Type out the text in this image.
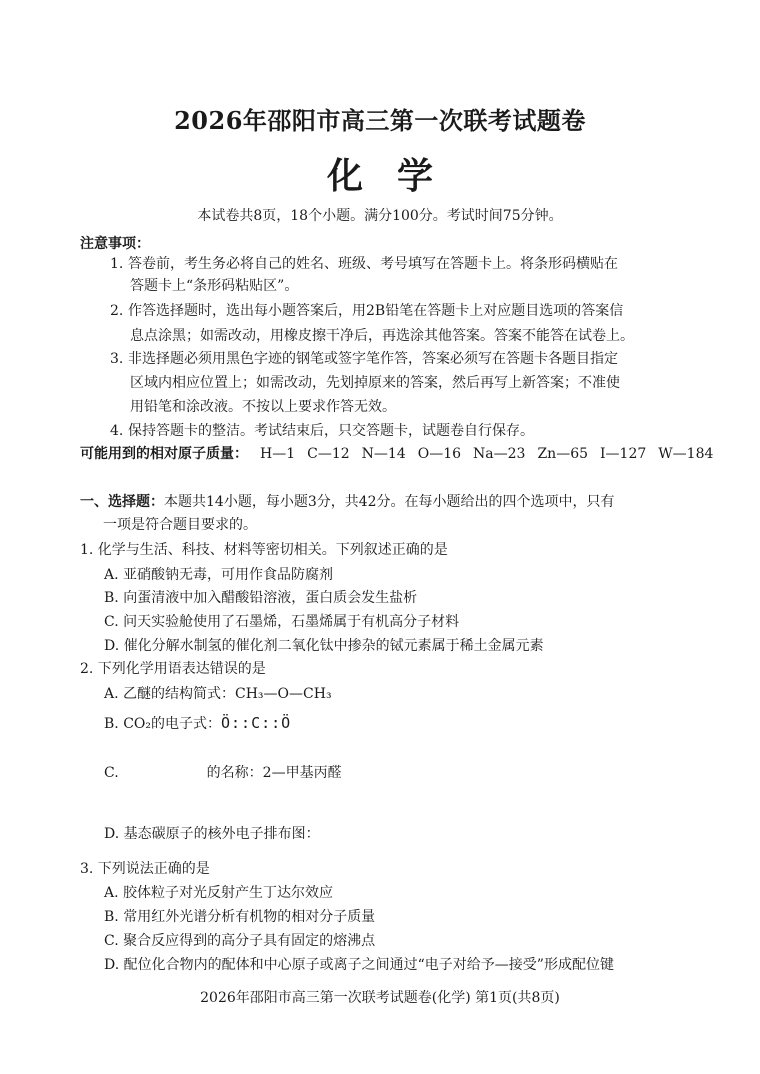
2026年邵阳市高三第一次联考试题卷
化学
本试卷共8页，18个小题。满分100分。考试时间75分钟。
注意事项：
1. 答卷前，考生务必将自己的姓名、班级、考号填写在答题卡上。将条形码横贴在
答题卡上“条形码粘贴区”。
2. 作答选择题时，选出每小题答案后，用2B铅笔在答题卡上对应题目选项的答案信
息点涂黑；如需改动，用橡皮擦干净后，再选涂其他答案。答案不能答在试卷上。
3. 非选择题必须用黑色字迹的钢笔或签字笔作答，答案必须写在答题卡各题目指定
区域内相应位置上；如需改动，先划掉原来的答案，然后再写上新答案；不准使
用铅笔和涂改液。不按以上要求作答无效。
4. 保持答题卡的整洁。考试结束后，只交答题卡，试题卷自行保存。
可能用到的相对原子质量： H—1 C—12 N—14 O—16 Na—23 Zn—65 I—127 W—184
一、选择题：本题共14小题，每小题3分，共42分。在每小题给出的四个选项中，只有
一项是符合题目要求的。
1. 化学与生活、科技、材料等密切相关。下列叙述正确的是
A. 亚硝酸钠无毒，可用作食品防腐剂
B. 向蛋清液中加入醋酸铅溶液，蛋白质会发生盐析
C. 问天实验舱使用了石墨烯，石墨烯属于有机高分子材料
D. 催化分解水制氢的催化剂二氧化钛中掺杂的铽元素属于稀土金属元素
2. 下列化学用语表达错误的是
A. 乙醚的结构简式：CH₃—O—CH₃
B. CO₂的电子式：Ö::C::Ö
C.	的名称：2—甲基丙醛
D. 基态碳原子的核外电子排布图：
3. 下列说法正确的是
A. 胶体粒子对光反射产生丁达尔效应
B. 常用红外光谱分析有机物的相对分子质量
C. 聚合反应得到的高分子具有固定的熔沸点
D. 配位化合物内的配体和中心原子或离子之间通过“电子对给予—接受”形成配位键
2026年邵阳市高三第一次联考试题卷(化学) 第1页(共8页)
